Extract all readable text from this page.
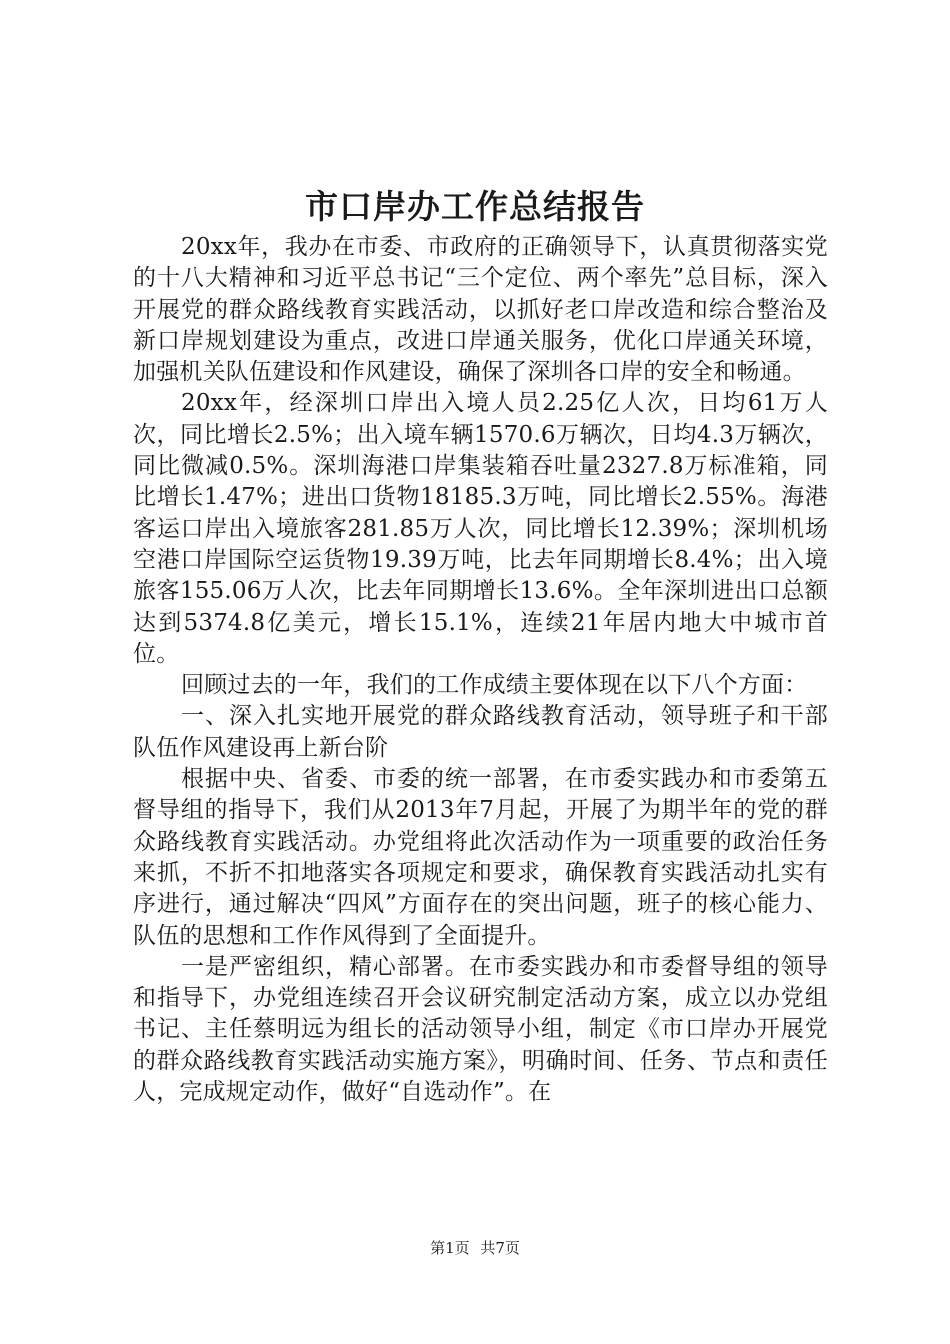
市口岸办工作总结报告

20xx年，我办在市委、市政府的正确领导下，认真贯彻落实党的十八大精神和习近平总书记“三个定位、两个率先”总目标，深入开展党的群众路线教育实践活动，以抓好老口岸改造和综合整治及新口岸规划建设为重点，改进口岸通关服务，优化口岸通关环境，加强机关队伍建设和作风建设，确保了深圳各口岸的安全和畅通。

20xx年，经深圳口岸出入境人员2.25亿人次，日均61万人次，同比增长2.5%；出入境车辆1570.6万辆次，日均4.3万辆次，同比微减0.5%。深圳海港口岸集装箱吞吐量2327.8万标准箱，同比增长1.47%；进出口货物18185.3万吨，同比增长2.55%。海港客运口岸出入境旅客281.85万人次，同比增长12.39%；深圳机场空港口岸国际空运货物19.39万吨，比去年同期增长8.4%；出入境旅客155.06万人次，比去年同期增长13.6%。全年深圳进出口总额达到5374.8亿美元，增长15.1%，连续21年居内地大中城市首位。

回顾过去的一年，我们的工作成绩主要体现在以下八个方面：

一、深入扎实地开展党的群众路线教育活动，领导班子和干部队伍作风建设再上新台阶

根据中央、省委、市委的统一部署，在市委实践办和市委第五督导组的指导下，我们从2013年7月起，开展了为期半年的党的群众路线教育实践活动。办党组将此次活动作为一项重要的政治任务来抓，不折不扣地落实各项规定和要求，确保教育实践活动扎实有序进行，通过解决“四风”方面存在的突出问题，班子的核心能力、队伍的思想和工作作风得到了全面提升。

一是严密组织，精心部署。在市委实践办和市委督导组的领导和指导下，办党组连续召开会议研究制定活动方案，成立以办党组书记、主任蔡明远为组长的活动领导小组，制定《市口岸办开展党的群众路线教育实践活动实施方案》，明确时间、任务、节点和责任人，完成规定动作，做好“自选动作”。在

第1页 共7页
